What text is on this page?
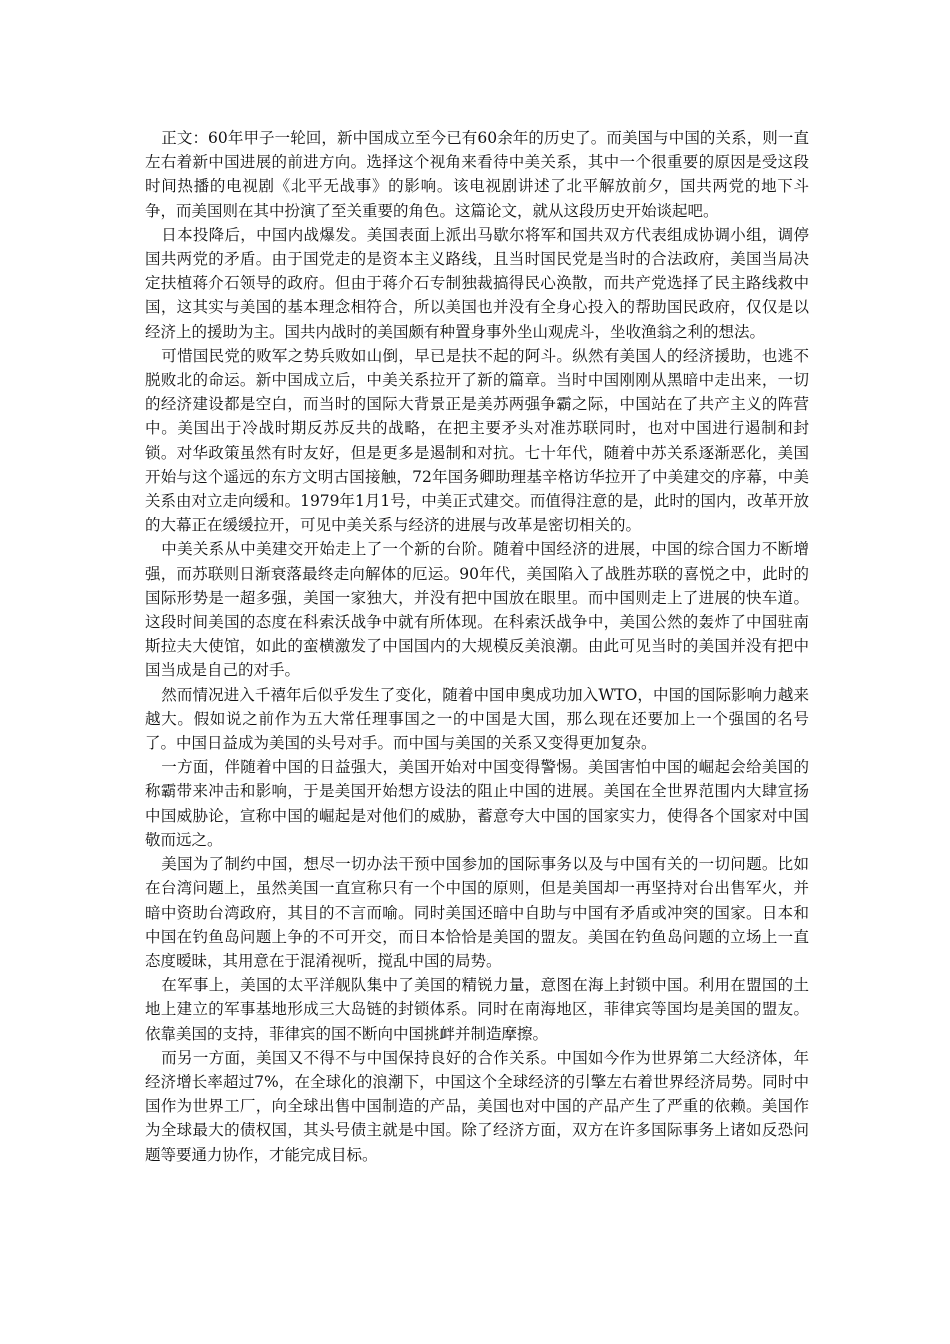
正文：60年甲子一轮回，新中国成立至今已有60余年的历史了。而美国与中国的关系，则一直左右着新中国进展的前进方向。选择这个视角来看待中美关系，其中一个很重要的原因是受这段时间热播的电视剧《北平无战事》的影响。该电视剧讲述了北平解放前夕，国共两党的地下斗争，而美国则在其中扮演了至关重要的角色。这篇论文，就从这段历史开始谈起吧。

日本投降后，中国内战爆发。美国表面上派出马歇尔将军和国共双方代表组成协调小组，调停国共两党的矛盾。由于国党走的是资本主义路线，且当时国民党是当时的合法政府，美国当局决定扶植蒋介石领导的政府。但由于蒋介石专制独裁搞得民心涣散，而共产党选择了民主路线救中国，这其实与美国的基本理念相符合，所以美国也并没有全身心投入的帮助国民政府，仅仅是以经济上的援助为主。国共内战时的美国颇有种置身事外坐山观虎斗，坐收渔翁之利的想法。

可惜国民党的败军之势兵败如山倒，早已是扶不起的阿斗。纵然有美国人的经济援助，也逃不脱败北的命运。新中国成立后，中美关系拉开了新的篇章。当时中国刚刚从黑暗中走出来，一切的经济建设都是空白，而当时的国际大背景正是美苏两强争霸之际，中国站在了共产主义的阵营中。美国出于冷战时期反苏反共的战略，在把主要矛头对准苏联同时，也对中国进行遏制和封锁。对华政策虽然有时友好，但是更多是遏制和对抗。七十年代，随着中苏关系逐渐恶化，美国开始与这个遥远的东方文明古国接触，72年国务卿助理基辛格访华拉开了中美建交的序幕，中美关系由对立走向缓和。1979年1月1号，中美正式建交。而值得注意的是，此时的国内，改革开放的大幕正在缓缓拉开，可见中美关系与经济的进展与改革是密切相关的。

中美关系从中美建交开始走上了一个新的台阶。随着中国经济的进展，中国的综合国力不断增强，而苏联则日渐衰落最终走向解体的厄运。90年代，美国陷入了战胜苏联的喜悦之中，此时的国际形势是一超多强，美国一家独大，并没有把中国放在眼里。而中国则走上了进展的快车道。这段时间美国的态度在科索沃战争中就有所体现。在科索沃战争中，美国公然的轰炸了中国驻南斯拉夫大使馆，如此的蛮横激发了中国国内的大规模反美浪潮。由此可见当时的美国并没有把中国当成是自己的对手。

然而情况进入千禧年后似乎发生了变化，随着中国申奥成功加入WTO，中国的国际影响力越来越大。假如说之前作为五大常任理事国之一的中国是大国，那么现在还要加上一个强国的名号了。中国日益成为美国的头号对手。而中国与美国的关系又变得更加复杂。

一方面，伴随着中国的日益强大，美国开始对中国变得警惕。美国害怕中国的崛起会给美国的称霸带来冲击和影响，于是美国开始想方设法的阻止中国的进展。美国在全世界范围内大肆宣扬中国威胁论，宣称中国的崛起是对他们的威胁，蓄意夸大中国的国家实力，使得各个国家对中国敬而远之。

美国为了制约中国，想尽一切办法干预中国参加的国际事务以及与中国有关的一切问题。比如在台湾问题上，虽然美国一直宣称只有一个中国的原则，但是美国却一再坚持对台出售军火，并暗中资助台湾政府，其目的不言而喻。同时美国还暗中自助与中国有矛盾或冲突的国家。日本和中国在钓鱼岛问题上争的不可开交，而日本恰恰是美国的盟友。美国在钓鱼岛问题的立场上一直态度暧昧，其用意在于混淆视听，搅乱中国的局势。

在军事上，美国的太平洋舰队集中了美国的精锐力量，意图在海上封锁中国。利用在盟国的土地上建立的军事基地形成三大岛链的封锁体系。同时在南海地区，菲律宾等国均是美国的盟友。依靠美国的支持，菲律宾的国不断向中国挑衅并制造摩擦。

而另一方面，美国又不得不与中国保持良好的合作关系。中国如今作为世界第二大经济体，年经济增长率超过7%，在全球化的浪潮下，中国这个全球经济的引擎左右着世界经济局势。同时中国作为世界工厂，向全球出售中国制造的产品，美国也对中国的产品产生了严重的依赖。美国作为全球最大的债权国，其头号债主就是中国。除了经济方面，双方在许多国际事务上诸如反恐问题等要通力协作，才能完成目标。
